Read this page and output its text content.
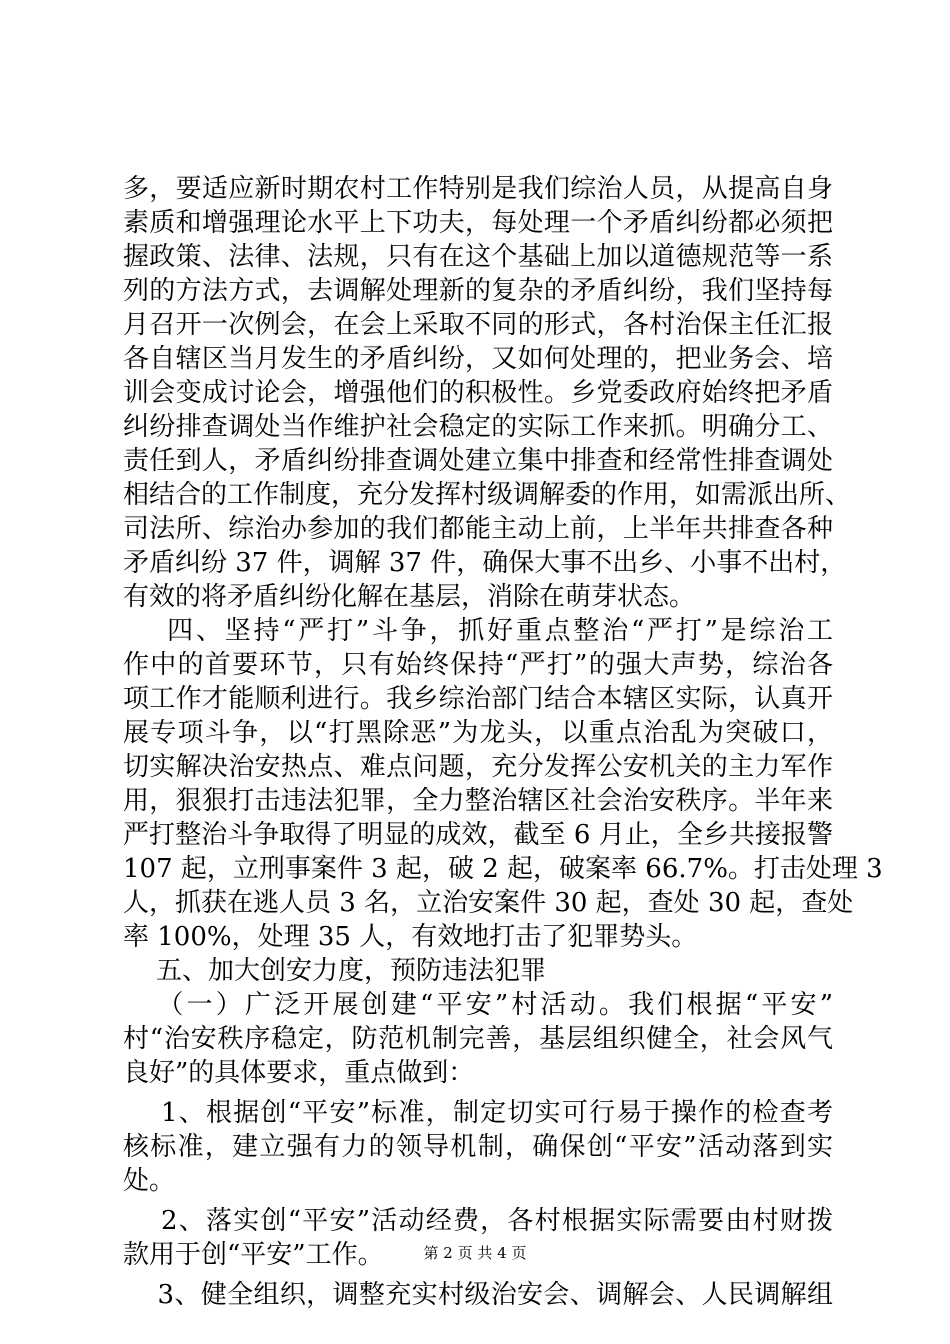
多，要适应新时期农村工作特别是我们综治人员，从提高自身
素质和增强理论水平上下功夫，每处理一个矛盾纠纷都必须把
握政策、法律、法规，只有在这个基础上加以道德规范等一系
列的方法方式，去调解处理新的复杂的矛盾纠纷，我们坚持每
月召开一次例会，在会上采取不同的形式，各村治保主任汇报
各自辖区当月发生的矛盾纠纷，又如何处理的，把业务会、培
训会变成讨论会，增强他们的积极性。乡党委政府始终把矛盾
纠纷排查调处当作维护社会稳定的实际工作来抓。明确分工、
责任到人，矛盾纠纷排查调处建立集中排查和经常性排查调处
相结合的工作制度，充分发挥村级调解委的作用，如需派出所、
司法所、综治办参加的我们都能主动上前，上半年共排查各种
矛盾纠纷 37 件，调解 37 件，确保大事不出乡、小事不出村，
有效的将矛盾纠纷化解在基层，消除在萌芽状态。
四、坚持“严打”斗争，抓好重点整治“严打”是综治工
作中的首要环节，只有始终保持“严打”的强大声势，综治各
项工作才能顺利进行。我乡综治部门结合本辖区实际，认真开
展专项斗争，以“打黑除恶”为龙头，以重点治乱为突破口，
切实解决治安热点、难点问题，充分发挥公安机关的主力军作
用，狠狠打击违法犯罪，全力整治辖区社会治安秩序。半年来
严打整治斗争取得了明显的成效，截至 6 月止，全乡共接报警
107 起，立刑事案件 3 起，破 2 起，破案率 66.7%。打击处理 3
人，抓获在逃人员 3 名，立治安案件 30 起，查处 30 起，查处
率 100%，处理 35 人，有效地打击了犯罪势头。
五、加大创安力度，预防违法犯罪
（一）广泛开展创建“平安”村活动。我们根据“平安”
村“治安秩序稳定，防范机制完善，基层组织健全，社会风气
良好”的具体要求，重点做到：
1、根据创“平安”标准，制定切实可行易于操作的检查考
核标准，建立强有力的领导机制，确保创“平安”活动落到实
处。
2、落实创“平安”活动经费，各村根据实际需要由村财拨
款用于创“平安”工作。
3、健全组织，调整充实村级治安会、调解会、人民调解组
第 2 页 共 4 页
